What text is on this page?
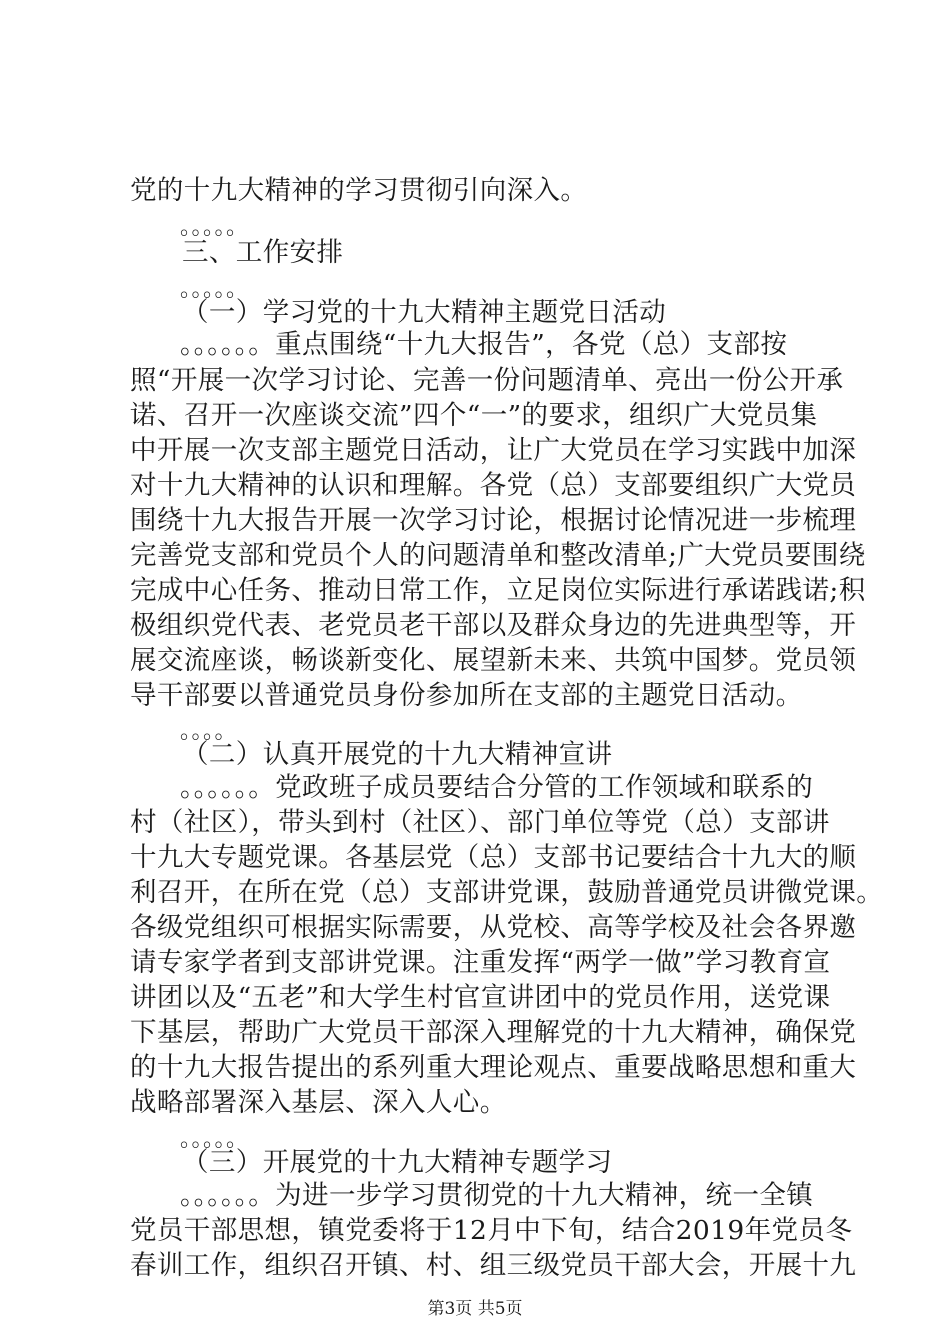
党的十九大精神的学习贯彻引向深入。
。。。。。
三、工作安排
。。。。。
（一）学习党的十九大精神主题党日活动
。。。。。。重点围绕“十九大报告”，各党（总）支部按
照“开展一次学习讨论、完善一份问题清单、亮出一份公开承
诺、召开一次座谈交流”四个“一”的要求，组织广大党员集
中开展一次支部主题党日活动，让广大党员在学习实践中加深
对十九大精神的认识和理解。各党（总）支部要组织广大党员
围绕十九大报告开展一次学习讨论，根据讨论情况进一步梳理
完善党支部和党员个人的问题清单和整改清单;广大党员要围绕
完成中心任务、推动日常工作，立足岗位实际进行承诺践诺;积
极组织党代表、老党员老干部以及群众身边的先进典型等，开
展交流座谈，畅谈新变化、展望新未来、共筑中国梦。党员领
导干部要以普通党员身份参加所在支部的主题党日活动。
。。。。
（二）认真开展党的十九大精神宣讲
。。。。。。党政班子成员要结合分管的工作领域和联系的
村（社区），带头到村（社区）、部门单位等党（总）支部讲
十九大专题党课。各基层党（总）支部书记要结合十九大的顺
利召开，在所在党（总）支部讲党课，鼓励普通党员讲微党课。
各级党组织可根据实际需要，从党校、高等学校及社会各界邀
请专家学者到支部讲党课。注重发挥“两学一做”学习教育宣
讲团以及“五老”和大学生村官宣讲团中的党员作用，送党课
下基层，帮助广大党员干部深入理解党的十九大精神，确保党
的十九大报告提出的系列重大理论观点、重要战略思想和重大
战略部署深入基层、深入人心。
。。。。。
（三）开展党的十九大精神专题学习
。。。。。。为进一步学习贯彻党的十九大精神，统一全镇
党员干部思想，镇党委将于12月中下旬，结合2019年党员冬
春训工作，组织召开镇、村、组三级党员干部大会，开展十九
第3页 共5页
